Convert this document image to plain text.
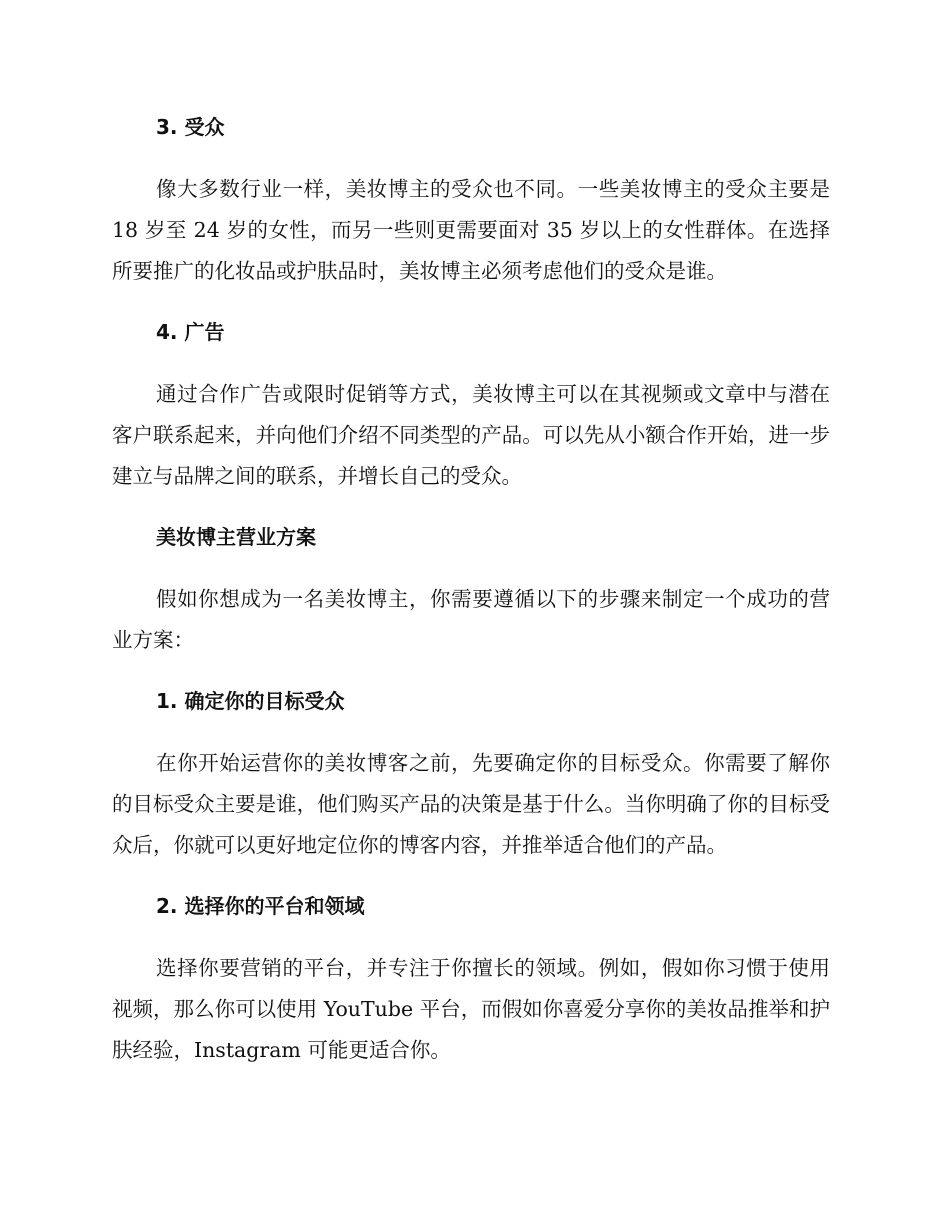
3. 受众

像大多数行业一样，美妆博主的受众也不同。一些美妆博主的受众主要是 18 岁至 24 岁的女性，而另一些则更需要面对 35 岁以上的女性群体。在选择所要推广的化妆品或护肤品时，美妆博主必须考虑他们的受众是谁。

4. 广告

通过合作广告或限时促销等方式，美妆博主可以在其视频或文章中与潜在客户联系起来，并向他们介绍不同类型的产品。可以先从小额合作开始，进一步建立与品牌之间的联系，并增长自己的受众。

美妆博主营业方案

假如你想成为一名美妆博主，你需要遵循以下的步骤来制定一个成功的营业方案：

1. 确定你的目标受众

在你开始运营你的美妆博客之前，先要确定你的目标受众。你需要了解你的目标受众主要是谁，他们购买产品的决策是基于什么。当你明确了你的目标受众后，你就可以更好地定位你的博客内容，并推举适合他们的产品。

2. 选择你的平台和领域

选择你要营销的平台，并专注于你擅长的领域。例如，假如你习惯于使用视频，那么你可以使用 YouTube 平台，而假如你喜爱分享你的美妆品推举和护肤经验，Instagram 可能更适合你。
